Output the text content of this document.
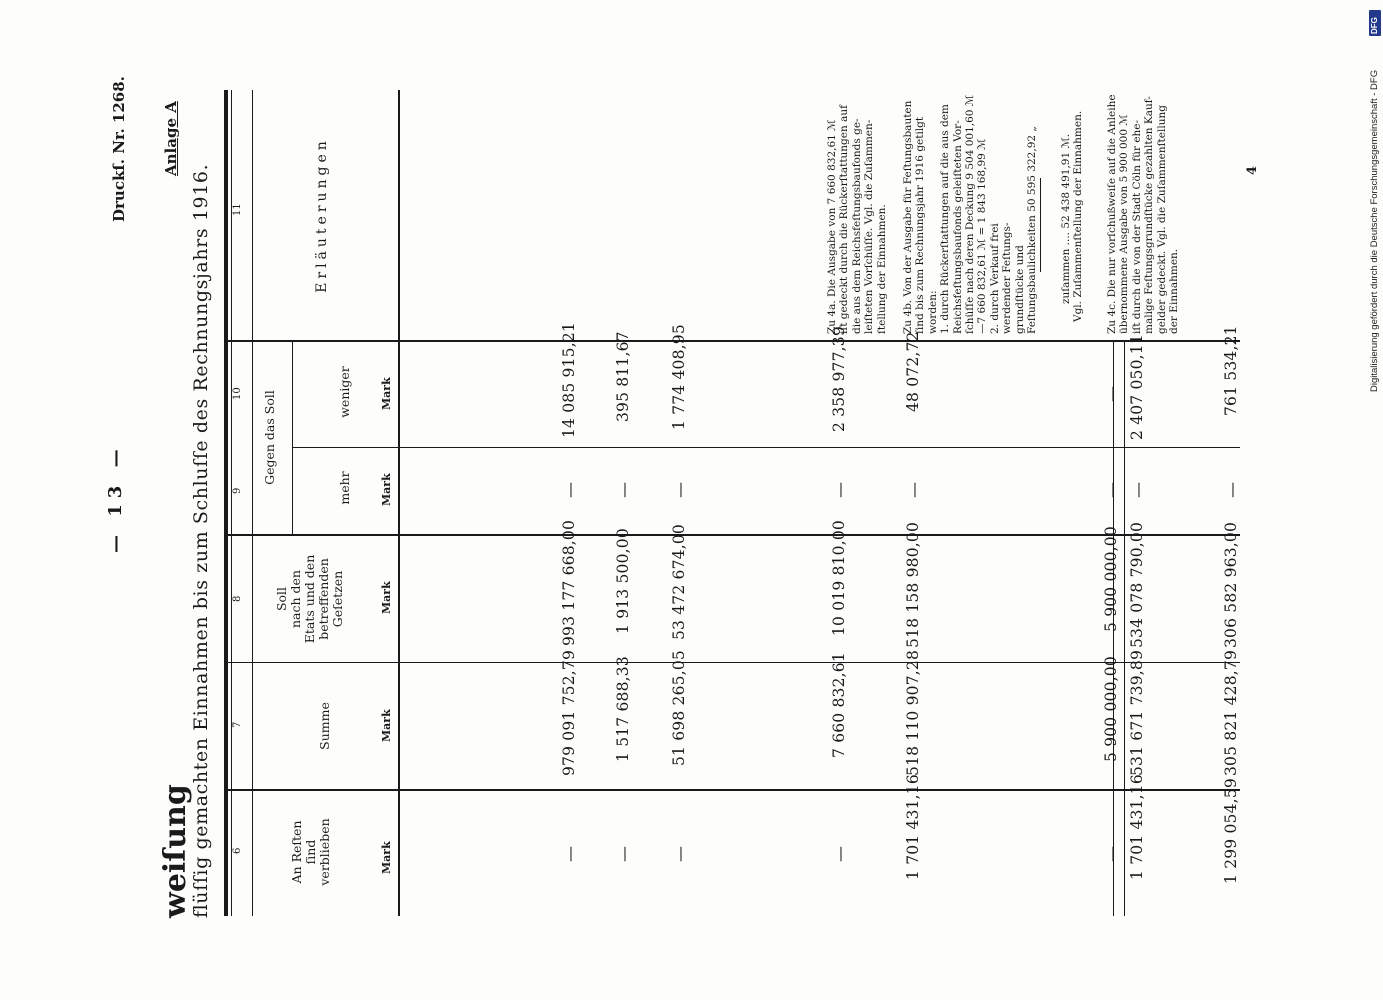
— 13 —
Druckſ. Nr. 1268. Anlage A
weiſung
flüſſig gemachten Einnahmen bis zum Schluſſe des Rechnungsjahrs 1916.	4	Digitalisierung gefördert durch die Deutsche Forschungsgemeinschaft - DFG
DFG
6
7
8
9
10
11
An Reſten ſind verblieben
Summe
Soll nach den Etats und den betreffenden Geſetzen
Gegen das Soll
mehr
weniger
Erläuterungen
Mark
Mark
Mark
Mark
Mark
—
979 091 752,79
993 177 668,00
—
14 085 915,21
—
1 517 688,33
1 913 500,00
—
395 811,67
—
51 698 265,05
53 472 674,00
—
1 774 408,95
—
7 660 832,61
10 019 810,00
—
2 358 977,39
1 701 431,16
518 110 907,28
518 158 980,00
—
48 072,72
—
5 900 000,00
5 900 000,00
—
—
1 701 431,16
531 671 739,89
534 078 790,00
—
2 407 050,11
1 299 054,59
305 821 428,79
306 582 963,00
—
761 534,21
Zu 4a. Die Ausgabe von 7 660 832,61 ℳ iſt gedeckt durch die Rückerſtattungen auf die aus dem Reichsfeſtungsbaufonds ge- leiſteten Vorſchüſſe. Vgl. die Zuſammen- ſtellung der Einnahmen. Zu 4b. Von der Ausgabe für Feſtungsbauten ſind bis zum Rechnungsjahr 1916 getilgt worden: 1. durch Rückerſtattungen auf die aus dem Reichsfeſtungsbaufonds geleiſteten Vor- ſchüſſe nach deren Deckung 9 504 001,60 ℳ —7 660 832,61 ℳ = 1 843 168,99 ℳ 2. durch Verkauf frei werdender Feſtungs- grundſtücke und Feſtungsbaulichkeiten 50 595 322,92 „ zuſammen .... 52 438 491,91 ℳ. Vgl. Zuſammenſtellung der Einnahmen. Zu 4c. Die nur vorſchußweiſe auf die Anleihe übernommene Ausgabe von 5 900 000 ℳ iſt durch die von der Stadt Cöln für ehe- malige Feſtungsgrundſtücke gezahlten Kauf- gelder gedeckt. Vgl. die Zuſammenſtellung der Einnahmen.
